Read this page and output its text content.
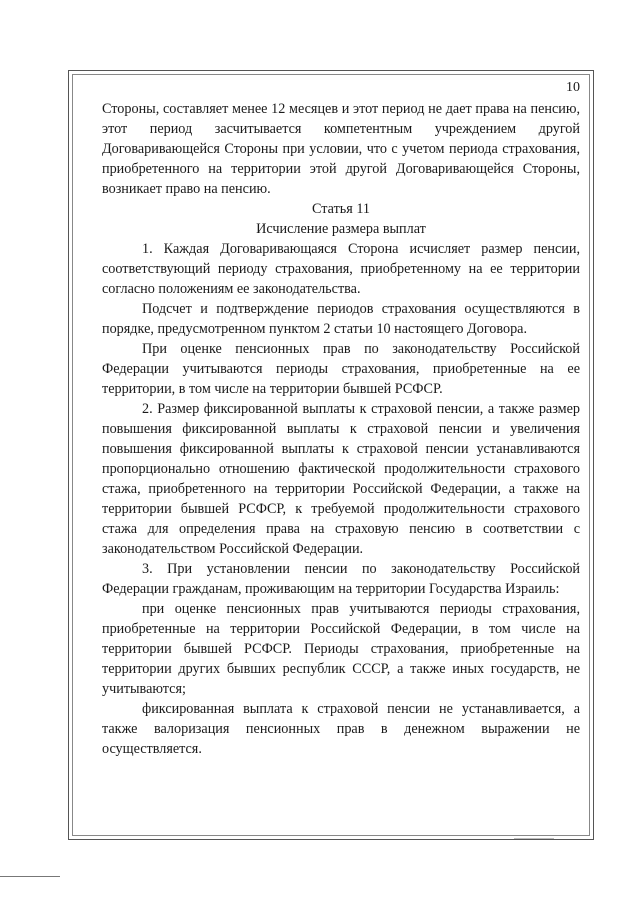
10

Стороны, составляет менее 12 месяцев и этот период не дает права на пенсию, этот период засчитывается компетентным учреждением другой Договаривающейся Стороны при условии, что с учетом периода страхования, приобретенного на территории этой другой Договаривающейся Стороны, возникает право на пенсию.

Статья 11

Исчисление размера выплат

1. Каждая Договаривающаяся Сторона исчисляет размер пенсии, соответствующий периоду страхования, приобретенному на ее территории согласно положениям ее законодательства.

Подсчет и подтверждение периодов страхования осуществляются в порядке, предусмотренном пунктом 2 статьи 10 настоящего Договора.

При оценке пенсионных прав по законодательству Российской Федерации учитываются периоды страхования, приобретенные на ее территории, в том числе на территории бывшей РСФСР.

2. Размер фиксированной выплаты к страховой пенсии, а также размер повышения фиксированной выплаты к страховой пенсии и увеличения повышения фиксированной выплаты к страховой пенсии устанавливаются пропорционально отношению фактической продолжительности страхового стажа, приобретенного на территории Российской Федерации, а также на территории бывшей РСФСР, к требуемой продолжительности страхового стажа для определения права на страховую пенсию в соответствии с законодательством Российской Федерации.

3. При установлении пенсии по законодательству Российской Федерации гражданам, проживающим на территории Государства Израиль:

при оценке пенсионных прав учитываются периоды страхования, приобретенные на территории Российской Федерации, в том числе на территории бывшей РСФСР. Периоды страхования, приобретенные на территории других бывших республик СССР, а также иных государств, не учитываются;

фиксированная выплата к страховой пенсии не устанавливается, а также валоризация пенсионных прав в денежном выражении не осуществляется.
